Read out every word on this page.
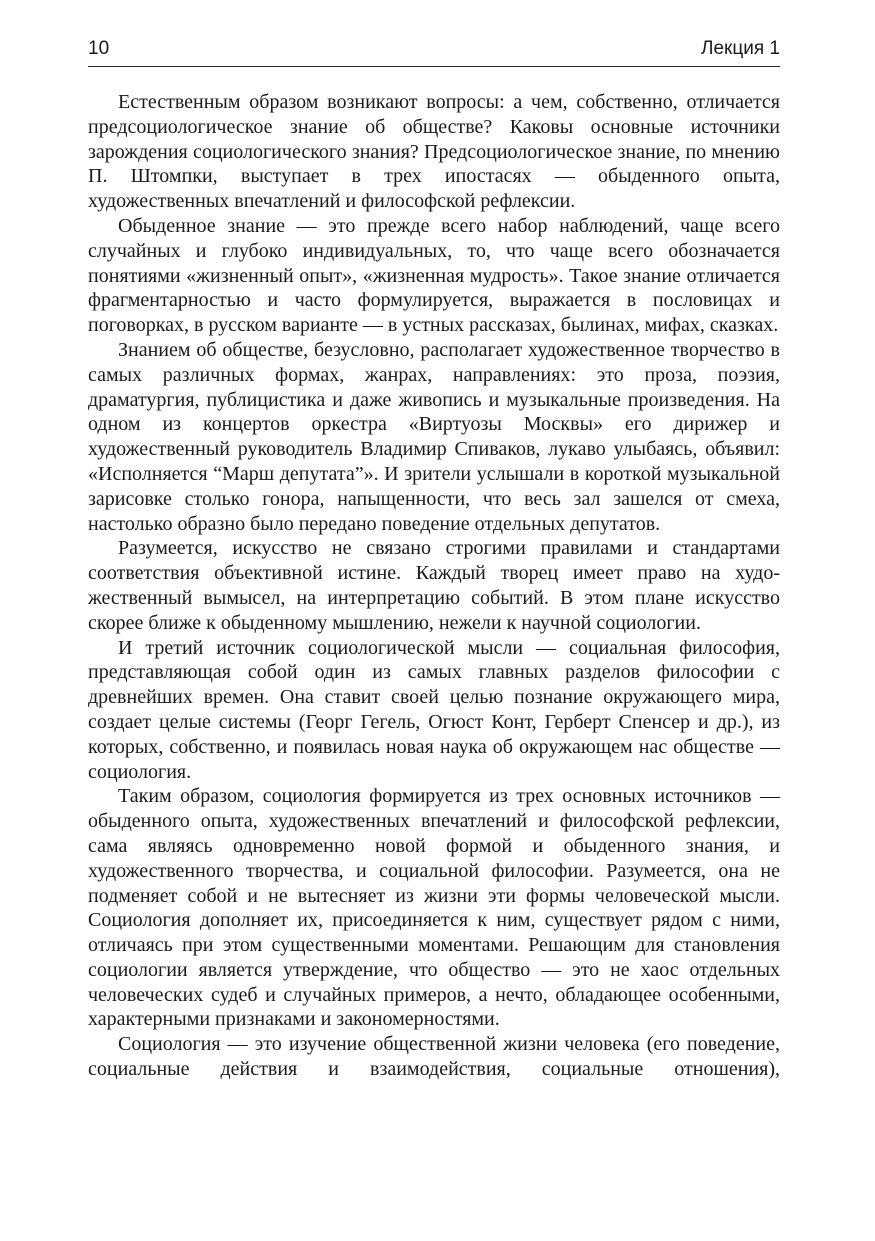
10	Лекция 1

Естественным образом возникают вопросы: а чем, собственно, отличается предсоциологическое знание об обществе? Каковы основные источники зарождения социологического знания? Предсоциологическое знание, по мнению П. Штомпки, выступает в трех ипостасях — обыденного опыта, художественных впечатлений и философской рефлексии.

Обыденное знание — это прежде всего набор наблюдений, чаще всего случайных и глубоко индивидуальных, то, что чаще всего обозначается понятиями «жизненный опыт», «жизненная мудрость». Такое знание отличается фрагментарностью и часто формулируется, выражается в пословицах и поговорках, в русском варианте — в устных рассказах, былинах, мифах, сказках.

Знанием об обществе, безусловно, располагает художественное творчество в самых различных формах, жанрах, направлениях: это проза, поэзия, драматургия, публицистика и даже живопись и музыкальные произведения. На одном из концертов оркестра «Виртуозы Москвы» его дирижер и художественный руководитель Владимир Спиваков, лукаво улыбаясь, объявил: «Исполняется “Марш депутата”». И зрители услышали в короткой музыкальной зарисовке столько гонора, напыщенности, что весь зал зашелся от смеха, настолько образно было передано поведение отдельных депутатов.

Разумеется, искусство не связано строгими правилами и стандартами соответствия объективной истине. Каждый творец имеет право на художественный вымысел, на интерпретацию событий. В этом плане искусство скорее ближе к обыденному мышлению, нежели к научной социологии.

И третий источник социологической мысли — социальная философия, представляющая собой один из самых главных разделов философии с древнейших времен. Она ставит своей целью познание окружающего мира, создает целые системы (Георг Гегель, Огюст Конт, Герберт Спенсер и др.), из которых, собственно, и появилась новая наука об окружающем нас обществе — социология.

Таким образом, социология формируется из трех основных источников — обыденного опыта, художественных впечатлений и философской рефлексии, сама являясь одновременно новой формой и обыденного знания, и художественного творчества, и социальной философии. Разумеется, она не подменяет собой и не вытесняет из жизни эти формы человеческой мысли. Социология дополняет их, присоединяется к ним, существует рядом с ними, отличаясь при этом существенными моментами. Решающим для становления социологии является утверждение, что общество — это не хаос отдельных человеческих судеб и случайных примеров, а нечто, обладающее особенными, характерными признаками и закономерностями.

Социология — это изучение общественной жизни человека (его поведение, социальные действия и взаимодействия, социальные отношения),
